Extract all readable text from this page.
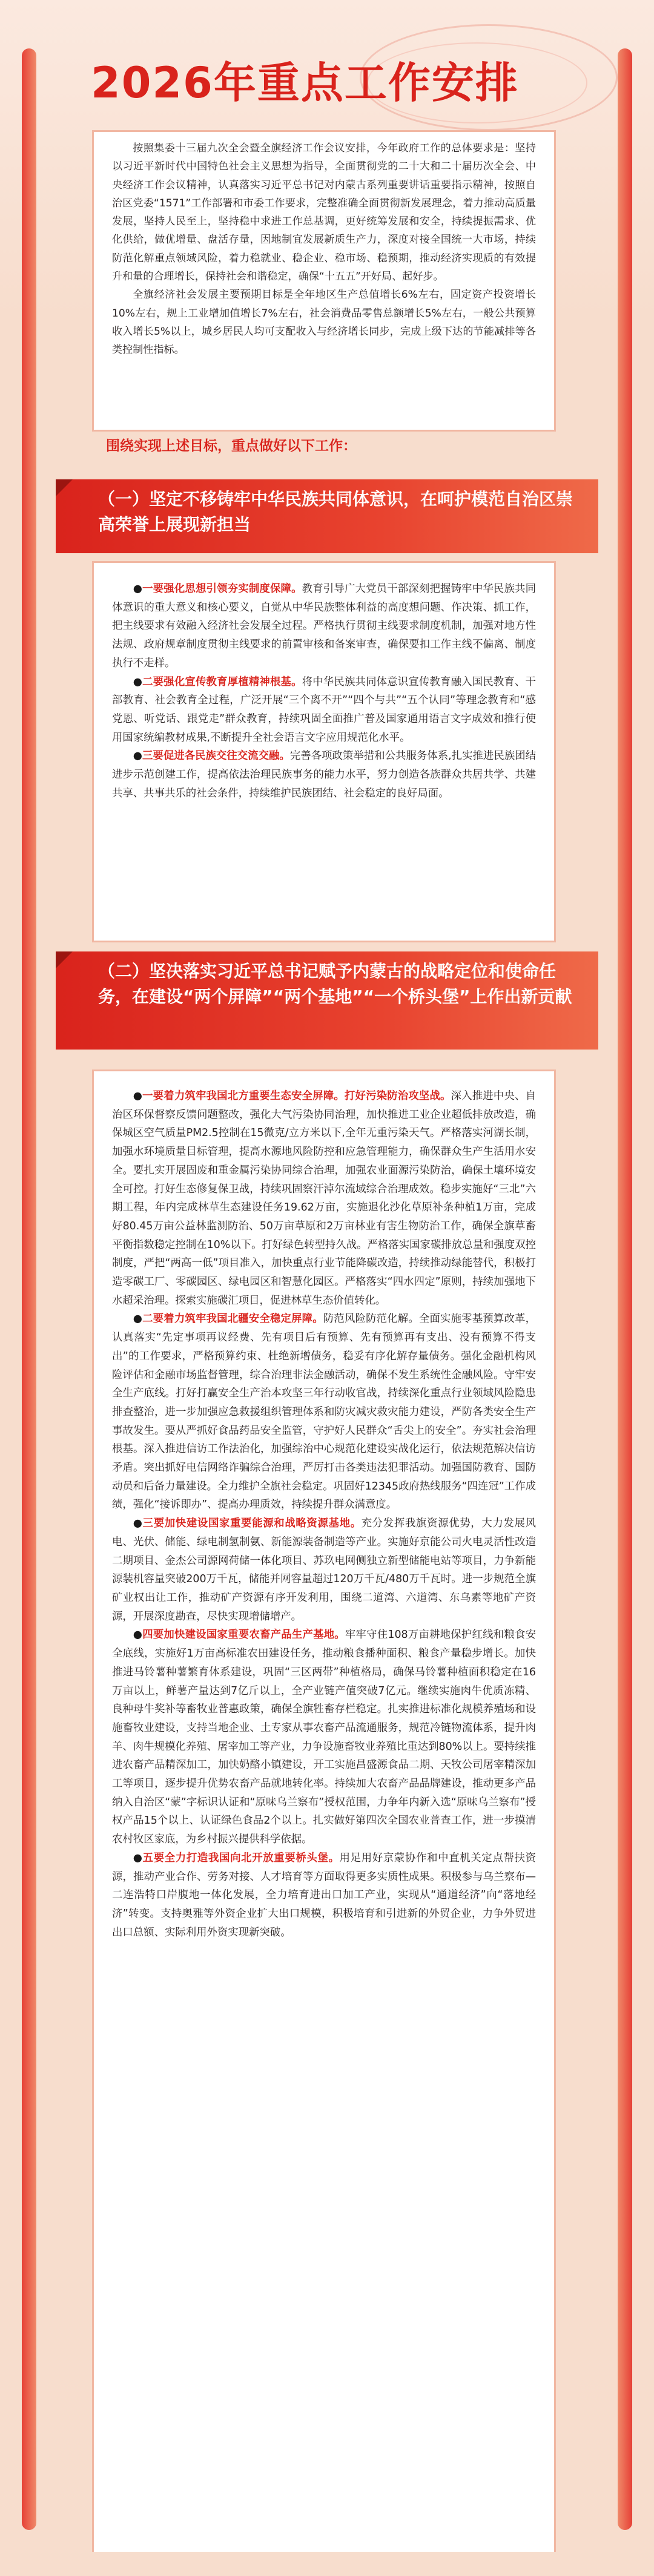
2026年重点工作安排

按照集委十三届九次全会暨全旗经济工作会议安排，今年政府工作的总体要求是：坚持以习近平新时代中国特色社会主义思想为指导，全面贯彻党的二十大和二十届历次全会、中央经济工作会议精神，认真落实习近平总书记对内蒙古系列重要讲话重要指示精神，按照自治区党委“1571”工作部署和市委工作要求，完整准确全面贯彻新发展理念，着力推动高质量发展，坚持人民至上，坚持稳中求进工作总基调，更好统筹发展和安全，持续提振需求、优化供给，做优增量、盘活存量，因地制宜发展新质生产力，深度对接全国统一大市场，持续防范化解重点领域风险，着力稳就业、稳企业、稳市场、稳预期，推动经济实现质的有效提升和量的合理增长，保持社会和谐稳定，确保“十五五”开好局、起好步。

全旗经济社会发展主要预期目标是全年地区生产总值增长6%左右，固定资产投资增长10%左右，规上工业增加值增长7%左右，社会消费品零售总额增长5%左右，一般公共预算收入增长5%以上，城乡居民人均可支配收入与经济增长同步，完成上级下达的节能减排等各类控制性指标。

围绕实现上述目标，重点做好以下工作：
（一）坚定不移铸牢中华民族共同体意识，在呵护模范自治区崇高荣誉上展现新担当

●一要强化思想引领夯实制度保障。教育引导广大党员干部深刻把握铸牢中华民族共同体意识的重大意义和核心要义，自觉从中华民族整体利益的高度想问题、作决策、抓工作，把主线要求有效融入经济社会发展全过程。严格执行贯彻主线要求制度机制，加强对地方性法规、政府规章制度贯彻主线要求的前置审核和备案审查，确保要扣工作主线不偏离、制度执行不走样。

●二要强化宣传教育厚植精神根基。将中华民族共同体意识宣传教育融入国民教育、干部教育、社会教育全过程，广泛开展“三个离不开”“四个与共”“五个认同”等理念教育和“感党恩、听党话、跟党走”群众教育，持续巩固全面推广普及国家通用语言文字成效和推行使用国家统编教材成果,不断提升全社会语言文字应用规范化水平。

●三要促进各民族交往交流交融。完善各项政策举措和公共服务体系,扎实推进民族团结进步示范创建工作，提高依法治理民族事务的能力水平，努力创造各族群众共居共学、共建共享、共事共乐的社会条件，持续维护民族团结、社会稳定的良好局面。

（二）坚决落实习近平总书记赋予内蒙古的战略定位和使命任务，在建设“两个屏障”“两个基地”“一个桥头堡”上作出新贡献

●一要着力筑牢我国北方重要生态安全屏障。打好污染防治攻坚战。深入推进中央、自治区环保督察反馈问题整改，强化大气污染协同治理，加快推进工业企业超低排放改造，确保城区空气质量PM2.5控制在15微克/立方米以下,全年无重污染天气。严格落实河湖长制，加强水环境质量目标管理，提高水源地风险防控和应急管理能力，确保群众生产生活用水安全。要扎实开展固废和重金属污染协同综合治理，加强农业面源污染防治，确保土壤环境安全可控。打好生态修复保卫战，持续巩固察汗淖尔流域综合治理成效。稳步实施好“三北”六期工程，年内完成林草生态建设任务19.62万亩，实施退化沙化草原补条种植1万亩，完成好80.45万亩公益林监测防治、50万亩草原和2万亩林业有害生物防治工作，确保全旗草畜平衡指数稳定控制在10%以下。打好绿色转型持久战。严格落实国家碳排放总量和强度双控制度，严把“两高一低”项目准入，加快重点行业节能降碳改造，持续推动绿能替代，积极打造零碳工厂、零碳园区、绿电园区和智慧化园区。严格落实“四水四定”原则，持续加强地下水超采治理。探索实施碳汇项目，促进林草生态价值转化。

●二要着力筑牢我国北疆安全稳定屏障。防范风险防范化解。全面实施零基预算改革，认真落实“先定事项再议经费、先有项目后有预算、先有预算再有支出、没有预算不得支出”的工作要求，严格预算约束、杜绝新增债务，稳妥有序化解存量债务。强化金融机构风险评估和金融市场监督管理，综合治理非法金融活动，确保不发生系统性金融风险。守牢安全生产底线。打好打赢安全生产治本攻坚三年行动收官战，持续深化重点行业领域风险隐患排查整治，进一步加强应急救援组织管理体系和防灾减灾救灾能力建设，严防各类安全生产事故发生。要从严抓好食品药品安全监管，守护好人民群众“舌尖上的安全”。夯实社会治理根基。深入推进信访工作法治化，加强综治中心规范化建设实战化运行，依法规范解决信访矛盾。突出抓好电信网络诈骗综合治理，严厉打击各类违法犯罪活动。加强国防教育、国防动员和后备力量建设。全力维护全旗社会稳定。巩固好12345政府热线服务“四连冠”工作成绩，强化“接诉即办”、提高办理质效，持续提升群众满意度。

●三要加快建设国家重要能源和战略资源基地。充分发挥我旗资源优势，大力发展风电、光伏、储能、绿电制氢制氨、新能源装备制造等产业。实施好京能公司火电灵活性改造二期项目、金杰公司源网荷储一体化项目、苏玖电网侧独立新型储能电站等项目，力争新能源装机容量突破200万千瓦，储能并网容量超过120万千瓦/480万千瓦时。进一步规范全旗矿业权出让工作，推动矿产资源有序开发利用，围绕二道湾、六道湾、东乌素等地矿产资源，开展深度勘查，尽快实现增储增产。

●四要加快建设国家重要农畜产品生产基地。牢牢守住108万亩耕地保护红线和粮食安全底线，实施好1万亩高标准农田建设任务，推动粮食播种面积、粮食产量稳步增长。加快推进马铃薯种薯繁育体系建设，巩固“三区两带”种植格局，确保马铃薯种植面积稳定在16万亩以上，鲜薯产量达到7亿斤以上，全产业链产值突破7亿元。继续实施肉牛优质冻精、良种母牛奖补等畜牧业普惠政策，确保全旗牲畜存栏稳定。扎实推进标准化规模养殖场和设施畜牧业建设，支持当地企业、土专家从事农畜产品流通服务，规范冷链物流体系，提升肉羊、肉牛规模化养殖、屠宰加工等产业，力争设施畜牧业养殖比重达到80%以上。要持续推进农畜产品精深加工，加快奶酪小镇建设，开工实施昌盛源食品二期、天牧公司屠宰精深加工等项目，逐步提升优势农畜产品就地转化率。持续加大农畜产品品牌建设，推动更多产品纳入自治区“蒙”字标识认证和“原味乌兰察布”授权范围，力争年内新入选“原味乌兰察布”授权产品15个以上、认证绿色食品2个以上。扎实做好第四次全国农业普查工作，进一步摸清农村牧区家底，为乡村振兴提供科学依据。

●五要全力打造我国向北开放重要桥头堡。用足用好京蒙协作和中直机关定点帮扶资源，推动产业合作、劳务对接、人才培育等方面取得更多实质性成果。积极参与乌兰察布—二连浩特口岸腹地一体化发展，全力培育进出口加工产业，实现从“通道经济”向“落地经济”转变。支持奥雅等外资企业扩大出口规模，积极培育和引进新的外贸企业，力争外贸进出口总额、实际利用外资实现新突破。
